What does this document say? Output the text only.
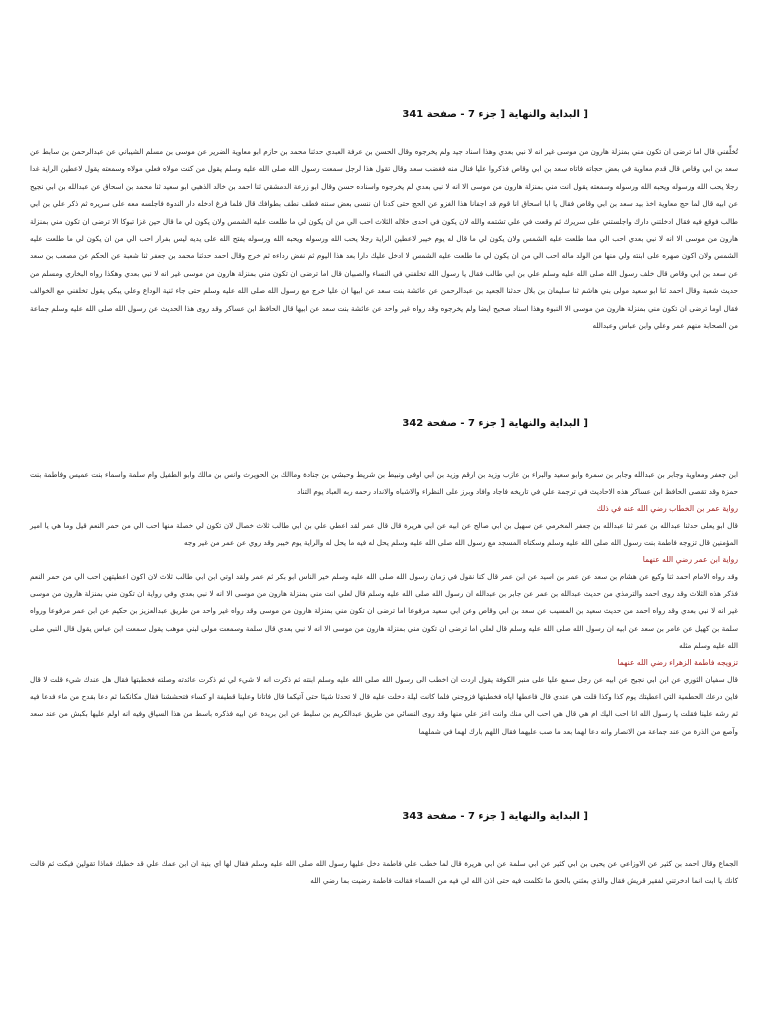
[ البداية والنهاية [ جزء 7 - صفحة 341

تُخلِّفني قال اما ترضى ان تكون مني بمنزلة هارون من موسى غير انه لا نبي بعدي وهذا اسناد جيد ولم يخرجوه وقال الحسن بن عرفة العبدي حدثنا محمد بن حازم ابو معاوية الضرير عن موسى بن مسلم الشيباني عن عبدالرحمن بن سابط عن سعد بن ابي وقاص قال قدم معاوية في بعض حجاته فاتاه سعد بن ابي وقاص فذكروا عليا فنال منه فغضب سعد وقال تقول هذا لرجل سمعت رسول الله صلى الله عليه وسلم يقول من كنت مولاه فعلي مولاه وسمعته يقول لاعطين الراية غدا رجلا يحب الله ورسوله ويحبه الله ورسوله وسمعته يقول انت مني بمنزلة هارون من موسى الا انه لا نبي بعدي لم يخرجوه واسناده حسن وقال ابو زرعة الدمشقي ثنا احمد بن خالد الذهبي ابو سعيد ثنا محمد بن اسحاق عن عبدالله بن ابي نجيح عن ابيه قال لما حج معاوية اخذ بيد سعد بن ابي وقاص فقال يا ابا اسحاق انا قوم قد اجفانا هذا الغزو عن الحج حتى كدنا ان ننسى بعض سننه فطف نطف بطوافك قال فلما فرغ ادخله دار الندوة فاجلسه معه على سريره ثم ذكر علي بن ابي طالب فوقع فيه فقال ادخلتني دارك واجلستني على سريرك ثم وقعت في علي تشتمه والله لان يكون في احدى خلاله الثلاث احب الي من ان يكون لي ما طلعت عليه الشمس ولان يكون لي ما قال حين غزا تبوكا الا ترضى ان تكون مني بمنزلة هارون من موسى الا انه لا نبي بعدي احب الي مما طلعت عليه الشمس ولان يكون لي ما قال له يوم خيبر لاعطين الراية رجلا يحب الله ورسوله ويحبه الله ورسوله يفتح الله على يديه ليس بفرار احب الي من ان يكون لي ما طلعت عليه الشمس ولان اكون صهره على ابنته ولي منها من الولد ماله احب الي من ان يكون لي ما طلعت عليه الشمس لا ادخل عليك دارا بعد هذا اليوم ثم نفض رداءه ثم خرج وقال احمد حدثنا محمد بن جعفر ثنا شعبة عن الحكم عن مصعب بن سعد عن سعد بن ابي وقاص قال خلف رسول الله صلى الله عليه وسلم علي بن ابي طالب فقال يا رسول الله تخلفني في النساء والصبيان قال اما ترضى ان تكون مني بمنزلة هارون من موسى غير انه لا نبي بعدي وهكذا رواه البخاري ومسلم من حديث شعبة وقال احمد ثنا ابو سعيد مولى بني هاشم ثنا سليمان بن بلال حدثنا الجعيد بن عبدالرحمن عن عائشة بنت سعد عن ابيها ان عليا خرج مع رسول الله صلى الله عليه وسلم حتى جاء ثنية الوداع وعلي يبكي يقول تخلفني مع الخوالف فقال اوما ترضى ان تكون مني بمنزلة هارون من موسى الا النبوة وهذا اسناد صحيح ايضا ولم يخرجوه وقد رواه غير واحد عن عائشة بنت سعد عن ابيها قال الحافظ ابن عساكر وقد روى هذا الحديث عن رسول الله صلى الله عليه وسلم جماعة من الصحابة منهم عمر وعلي وابن عباس وعبدالله

[ البداية والنهاية [ جزء 7 - صفحة 342

ابن جعفر ومعاوية وجابر بن عبدالله وجابر بن سمرة وابو سعيد والبراء بن عازب وزيد بن ارقم وزيد بن ابي اوفى ونبيط بن شريط وحبشي بن جنادة وماالك بن الحويرث وانس بن مالك وابو الطفيل وام سلمة واسماء بنت عميس وفاطمة بنت حمزة وقد تقصى الحافظ ابن عساكر هذه الاحاديث في ترجمة علي في تاريخه فاجاد وافاد وبرز على النظراء والاشباه والانداد رحمه ربه العباد يوم التناد

رواية عمر بن الخطاب رضي الله عنه في ذلك

قال ابو يعلى حدثنا عبدالله بن عمر ثنا عبدالله بن جعفر المخرمي عن سهيل بن ابي صالح عن ابيه عن ابي هريرة قال قال عمر لقد اعطي علي بن ابي طالب ثلاث خصال لان تكون لي خصلة منها احب الي من حمر النعم قيل وما هي يا امير المؤمنين قال تزوجه فاطمة بنت رسول الله صلى الله عليه وسلم وسكناه المسجد مع رسول الله صلى الله عليه وسلم يحل له فيه ما يحل له والراية يوم خيبر وقد روي عن عمر من غير وجه

رواية ابن عمر رضي الله عنهما

وقد رواه الامام احمد ثنا وكيع عن هشام بن سعد عن عمر بن اسيد عن ابن عمر قال كنا نقول في زمان رسول الله صلى الله عليه وسلم خير الناس ابو بكر ثم عمر ولقد اوتي ابن ابي طالب ثلاث لان اكون اعطيتهن احب الي من حمر النعم فذكر هذه الثلاث وقد روى احمد والترمذي من حديث عبدالله بن عمر عن جابر بن عبدالله ان رسول الله صلى الله عليه وسلم قال لعلي انت مني بمنزلة هارون من موسى الا انه لا نبي بعدي وفي رواية ان تكون مني بمنزلة هارون من موسى غير انه لا نبي بعدي وقد رواه احمد من حديث سعيد بن المسيب عن سعد بن ابي وقاص وعن ابي سعيد مرفوعا اما ترضى ان تكون مني بمنزلة هارون من موسى وقد رواه غير واحد من طريق عبدالعزيز بن حكيم عن ابن عمر مرفوعا ورواه سلمة بن كهيل عن عامر بن سعد عن ابيه ان رسول الله صلى الله عليه وسلم قال لعلي اما ترضى ان تكون مني بمنزلة هارون من موسى الا انه لا نبي بعدي قال سلمة وسمعت مولى لبني موهب يقول سمعت ابن عباس يقول قال النبي صلى الله عليه وسلم مثله

تزويجه فاطمة الزهراء رضي الله عنهما

قال سفيان الثوري عن ابن ابي نجيح عن ابيه عن رجل سمع عليا على منبر الكوفة يقول اردت ان اخطب الى رسول الله صلى الله عليه وسلم ابنته ثم ذكرت انه لا شيء لي ثم ذكرت عائدته وصلته فخطبتها فقال هل عندك شيء قلت لا قال فاين درعك الحطمية التي اعطيتك يوم كذا وكذا قلت هي عندي قال فاعطها اياه فخطبتها فزوجني فلما كانت ليلة دخلت عليه قال لا تحدثا شيئا حتى آتيكما قال فاتانا وعلينا قطيفة او كساء فتحششنا فقال مكانكما ثم دعا بقدح من ماء فدعا فيه ثم رشه علينا فقلت يا رسول الله انا احب اليك ام هي قال هي احب الي منك وانت اعز علي منها وقد روى النسائي من طريق عبدالكريم بن سليط عن ابن بريدة عن ابيه فذكره باسط من هذا السياق وفيه انه اولم عليها بكبش من عند سعد وآصع من الذرة من عند جماعة من الانصار وانه دعا لهما بعد ما صب عليهما فقال اللهم بارك لهما في شملهما

[ البداية والنهاية [ جزء 7 - صفحة 343

الجماع وقال احمد بن كثير عن الاوزاعي عن يحيى بن ابي كثير عن ابي سلمة عن ابي هريرة قال لما خطب علي فاطمة دخل عليها رسول الله صلى الله عليه وسلم فقال لها اي بنية ان ابن عمك علي قد خطبك فماذا تقولين فبكت ثم قالت كانك يا ابت انما ادخرتني لفقير قريش فقال والذي بعثني بالحق ما تكلمت فيه حتى اذن الله لي فيه من السماء فقالت فاطمة رضيت بما رضي الله
